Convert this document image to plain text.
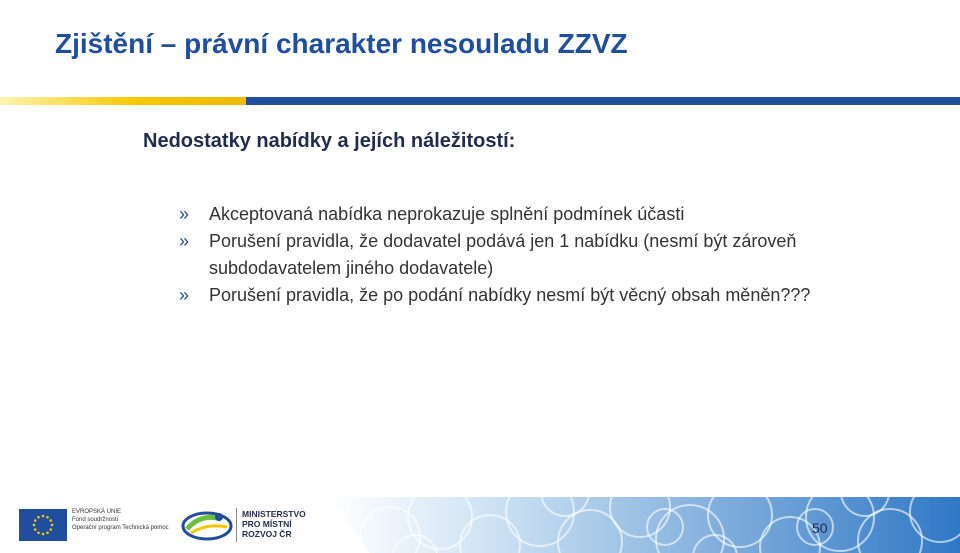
Zjištění – právní charakter nesouladu ZZVZ
Nedostatky nabídky a jejích náležitostí:
» Akceptovaná nabídka neprokazuje splnění podmínek účasti
» Porušení pravidla, že dodavatel podává jen 1 nabídku (nesmí být zároveň subdodavatelem jiného dodavatele)
» Porušení pravidla, že po podání nabídky nesmí být věcný obsah měněn???
EVROPSKÁ UNIE
Fond soudržnosti
Operační program Technická pomoc
MINISTERSTVO
PRO MÍSTNÍ
ROZVOJ ČR	50
